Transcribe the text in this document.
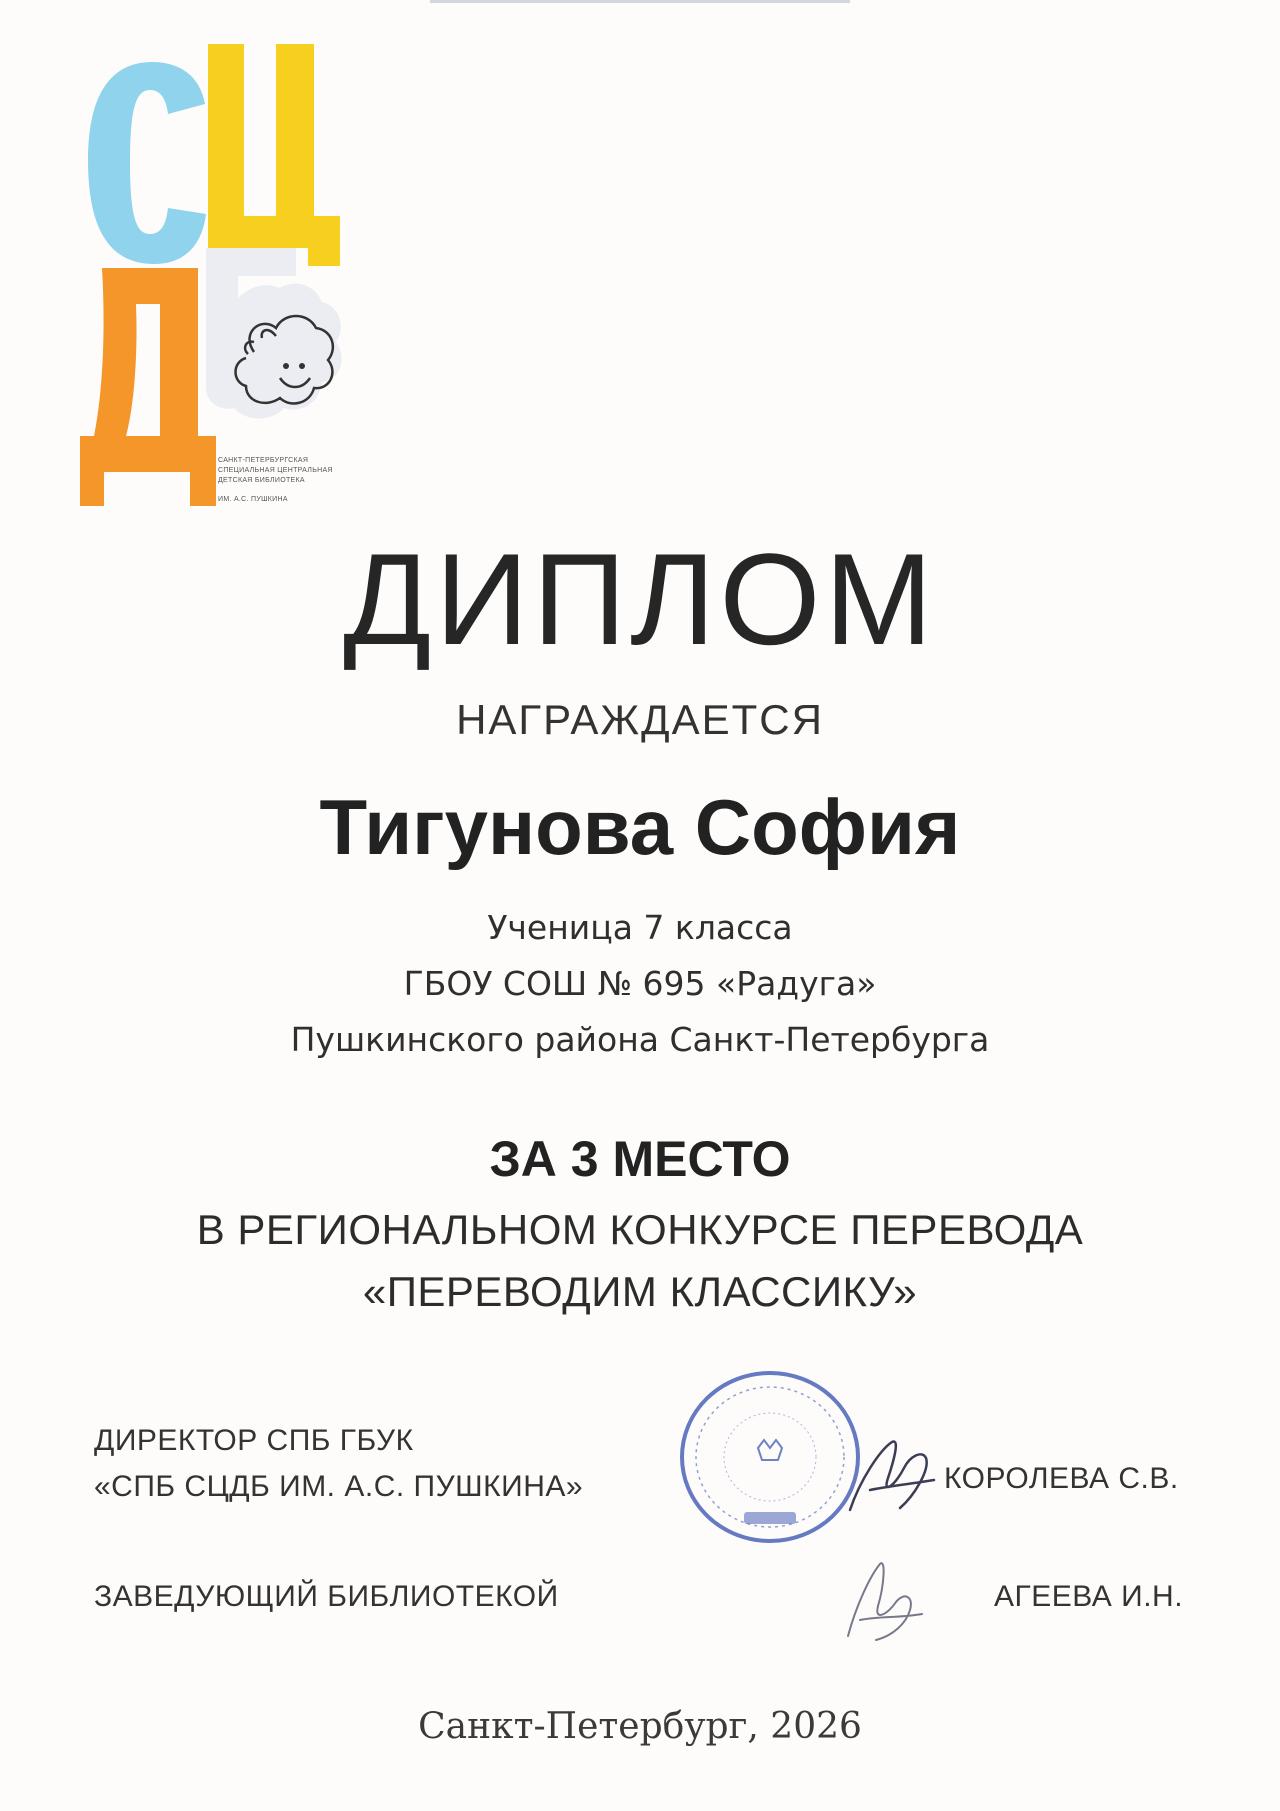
САНКТ-ПЕТЕРБУРГСКАЯ
СПЕЦИАЛЬНАЯ ЦЕНТРАЛЬНАЯ
ДЕТСКАЯ БИБЛИОТЕКА
ИМ. А.С. ПУШКИНА
ДИПЛОМ
НАГРАЖДАЕТСЯ
Тигунова София
Ученица 7 класса
ГБОУ СОШ № 695 «Радуга»
Пушкинского района Санкт-Петербурга
ЗА 3 МЕСТО
В РЕГИОНАЛЬНОМ КОНКУРСЕ ПЕРЕВОДА
«ПЕРЕВОДИМ КЛАССИКУ»
ДИРЕКТОР СПБ ГБУК
«СПБ СЦДБ ИМ. А.С. ПУШКИНА»	КОРОЛЕВА С.В.
ЗАВЕДУЮЩИЙ БИБЛИОТЕКОЙ	АГЕЕВА И.Н.
Санкт-Петербург, 2026
